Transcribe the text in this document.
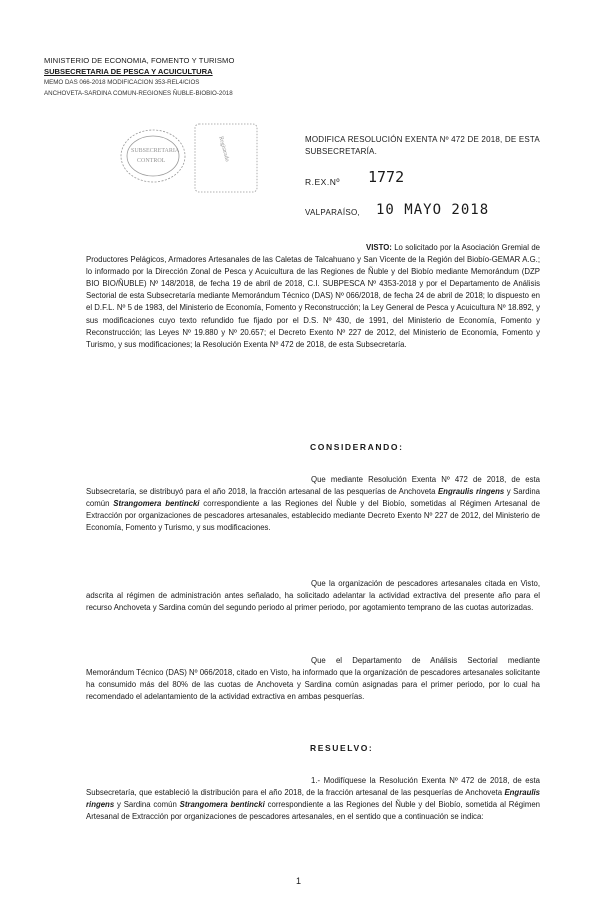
MINISTERIO DE ECONOMIA, FOMENTO Y TURISMO
SUBSECRETARIA DE PESCA Y ACUICULTURA
MEMO DAS 066-2018 MODIFICACION 353-REL4/CIOS
ANCHOVETA-SARDINA COMUN-REGIONES ÑUBLE-BIOBIO-2018
SUBSECRETARIA
CONTROL	Registrado	MODIFICA RESOLUCIÓN EXENTA Nº 472 DE 2018, DE ESTA SUBSECRETARÍA.
R.EX.Nº 1772
VALPARAÍSO, 10 MAYO 2018
VISTO: Lo solicitado por la Asociación Gremial de Productores Pelágicos, Armadores Artesanales de las Caletas de Talcahuano y San Vicente de la Región del Biobío-GEMAR A.G.; lo informado por la Dirección Zonal de Pesca y Acuicultura de las Regiones de Ñuble y del Biobío mediante Memorándum (DZP BIO BIO/ÑUBLE) Nº 148/2018, de fecha 19 de abril de 2018, C.I. SUBPESCA Nº 4353-2018 y por el Departamento de Análisis Sectorial de esta Subsecretaría mediante Memorándum Técnico (DAS) Nº 066/2018, de fecha 24 de abril de 2018; lo dispuesto en el D.F.L. Nº 5 de 1983, del Ministerio de Economía, Fomento y Reconstrucción; la Ley General de Pesca y Acuicultura Nº 18.892, y sus modificaciones cuyo texto refundido fue fijado por el D.S. Nº 430, de 1991, del Ministerio de Economía, Fomento y Reconstrucción; las Leyes Nº 19.880 y Nº 20.657; el Decreto Exento Nº 227 de 2012, del Ministerio de Economía, Fomento y Turismo, y sus modificaciones; la Resolución Exenta Nº 472 de 2018, de esta Subsecretaría.
CONSIDERANDO:
Que mediante Resolución Exenta Nº 472 de 2018, de esta Subsecretaría, se distribuyó para el año 2018, la fracción artesanal de las pesquerías de Anchoveta Engraulis ringens y Sardina común Strangomera bentincki correspondiente a las Regiones del Ñuble y del Biobío, sometidas al Régimen Artesanal de Extracción por organizaciones de pescadores artesanales, establecido mediante Decreto Exento Nº 227 de 2012, del Ministerio de Economía, Fomento y Turismo, y sus modificaciones.
Que la organización de pescadores artesanales citada en Visto, adscrita al régimen de administración antes señalado, ha solicitado adelantar la actividad extractiva del presente año para el recurso Anchoveta y Sardina común del segundo periodo al primer periodo, por agotamiento temprano de las cuotas autorizadas.
Que el Departamento de Análisis Sectorial mediante Memorándum Técnico (DAS) Nº 066/2018, citado en Visto, ha informado que la organización de pescadores artesanales solicitante ha consumido más del 80% de las cuotas de Anchoveta y Sardina común asignadas para el primer periodo, por lo cual ha recomendado el adelantamiento de la actividad extractiva en ambas pesquerías.
RESUELVO:
1.- Modifíquese la Resolución Exenta Nº 472 de 2018, de esta Subsecretaría, que estableció la distribución para el año 2018, de la fracción artesanal de las pesquerías de Anchoveta Engraulis ringens y Sardina común Strangomera bentincki correspondiente a las Regiones del Ñuble y del Biobío, sometida al Régimen Artesanal de Extracción por organizaciones de pescadores artesanales, en el sentido que a continuación se indica:
1
